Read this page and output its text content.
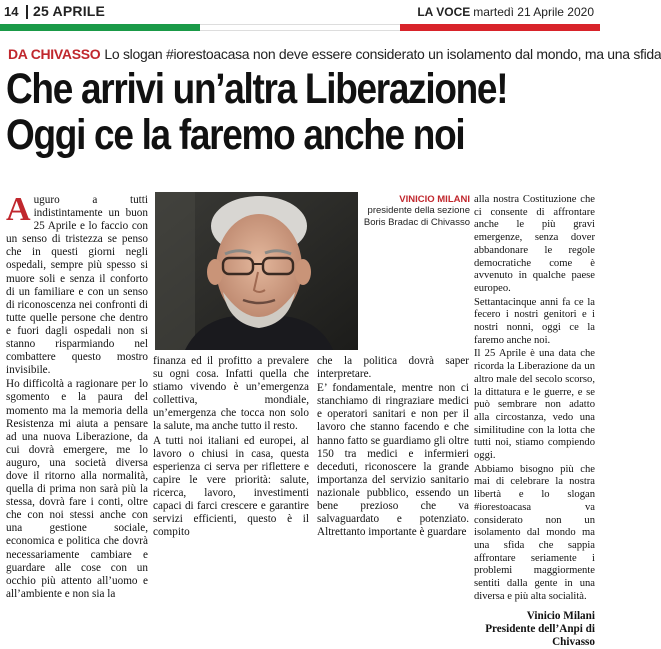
14 25 APRILE	LA VOCE martedì 21 Aprile 2020
DA CHIVASSO Lo slogan #iorestoacasa non deve essere considerato un isolamento dal mondo, ma una sfida
Che arrivi un’altra Liberazione!
Oggi ce la faremo anche noi

Auguro a tutti indistintamente un buon 25 Aprile e lo faccio con un senso di tristezza se penso che in questi giorni negli ospedali, sempre più spesso si muore soli e senza il conforto di un familiare e con un senso di riconoscenza nei confronti di tutte quelle persone che dentro e fuori dagli ospedali non si stanno risparmiando nel combattere questo mostro invisibile.

Ho difficoltà a ragionare per lo sgomento e la paura del momento ma la memoria della Resistenza mi aiuta a pensare ad una nuova Liberazione, da cui dovrà emergere, me lo auguro, una società diversa dove il ritorno alla normalità, quella di prima non sarà più la stessa, dovrà fare i conti, oltre che con noi stessi anche con una gestione sociale, economica e politica che dovrà necessariamente cambiare e guardare alle cose con un occhio più attento all’uomo e all’ambiente e non sia la

VINICIO MILANI
presidente della sezione Boris Bradac di Chivasso

finanza ed il profitto a prevalere su ogni cosa. Infatti quella che stiamo vivendo è un’emergenza collettiva, mondiale, un’emergenza che tocca non solo la salute, ma anche tutto il resto.

A tutti noi italiani ed europei, al lavoro o chiusi in casa, questa esperienza ci serva per riflettere e capire le vere priorità: salute, ricerca, lavoro, investimenti capaci di farci crescere e garantire servizi efficienti, questo è il compito

che la politica dovrà saper interpretare.

E’ fondamentale, mentre non ci stanchiamo di ringraziare medici e operatori sanitari e non per il lavoro che stanno facendo e che hanno fatto se guardiamo gli oltre 150 tra medici e infermieri deceduti, riconoscere la grande importanza del servizio sanitario nazionale pubblico, essendo un bene prezioso che va salvaguardato e potenziato. Altrettanto importante è guardare

alla nostra Costituzione che ci consente di affrontare anche le più gravi emergenze, senza dover abbandonare le regole democratiche come è avvenuto in qualche paese europeo.

Settantacinque anni fa ce la fecero i nostri genitori e i nostri nonni, oggi ce la faremo anche noi.

Il 25 Aprile è una data che ricorda la Liberazione da un altro male del secolo scorso, la dittatura e le guerre, e se può sembrare non adatto alla circostanza, vedo una similitudine con la lotta che tutti noi, stiamo compiendo oggi.

Abbiamo bisogno più che mai di celebrare la nostra libertà e lo slogan #iorestoacasa va considerato non un isolamento dal mondo ma una sfida che sappia affrontare seriamente i problemi maggiormente sentiti dalla gente in una diversa e più alta socialità.

Vinicio Milani
Presidente dell’Anpi di Chivasso
